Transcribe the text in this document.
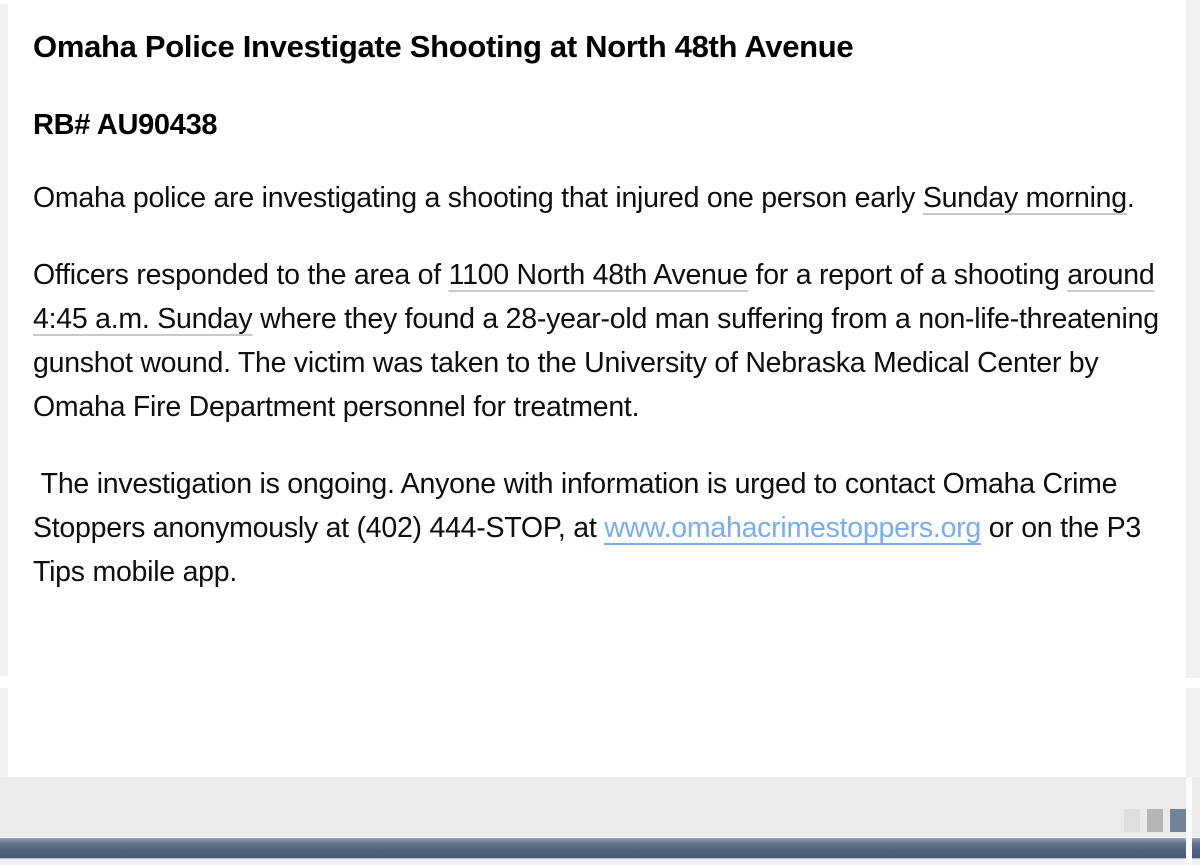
Omaha Police Investigate Shooting at North 48th Avenue
RB# AU90438

Omaha police are investigating a shooting that injured one person early Sunday morning.

Officers responded to the area of 1100 North 48th Avenue for a report of a shooting around 4:45 a.m. Sunday where they found a 28-year-old man suffering from a non-life-threatening gunshot wound. The victim was taken to the University of Nebraska Medical Center by Omaha Fire Department personnel for treatment.

The investigation is ongoing. Anyone with information is urged to contact Omaha Crime Stoppers anonymously at (402) 444-STOP, at www.omahacrimestoppers.org or on the P3 Tips mobile app.
